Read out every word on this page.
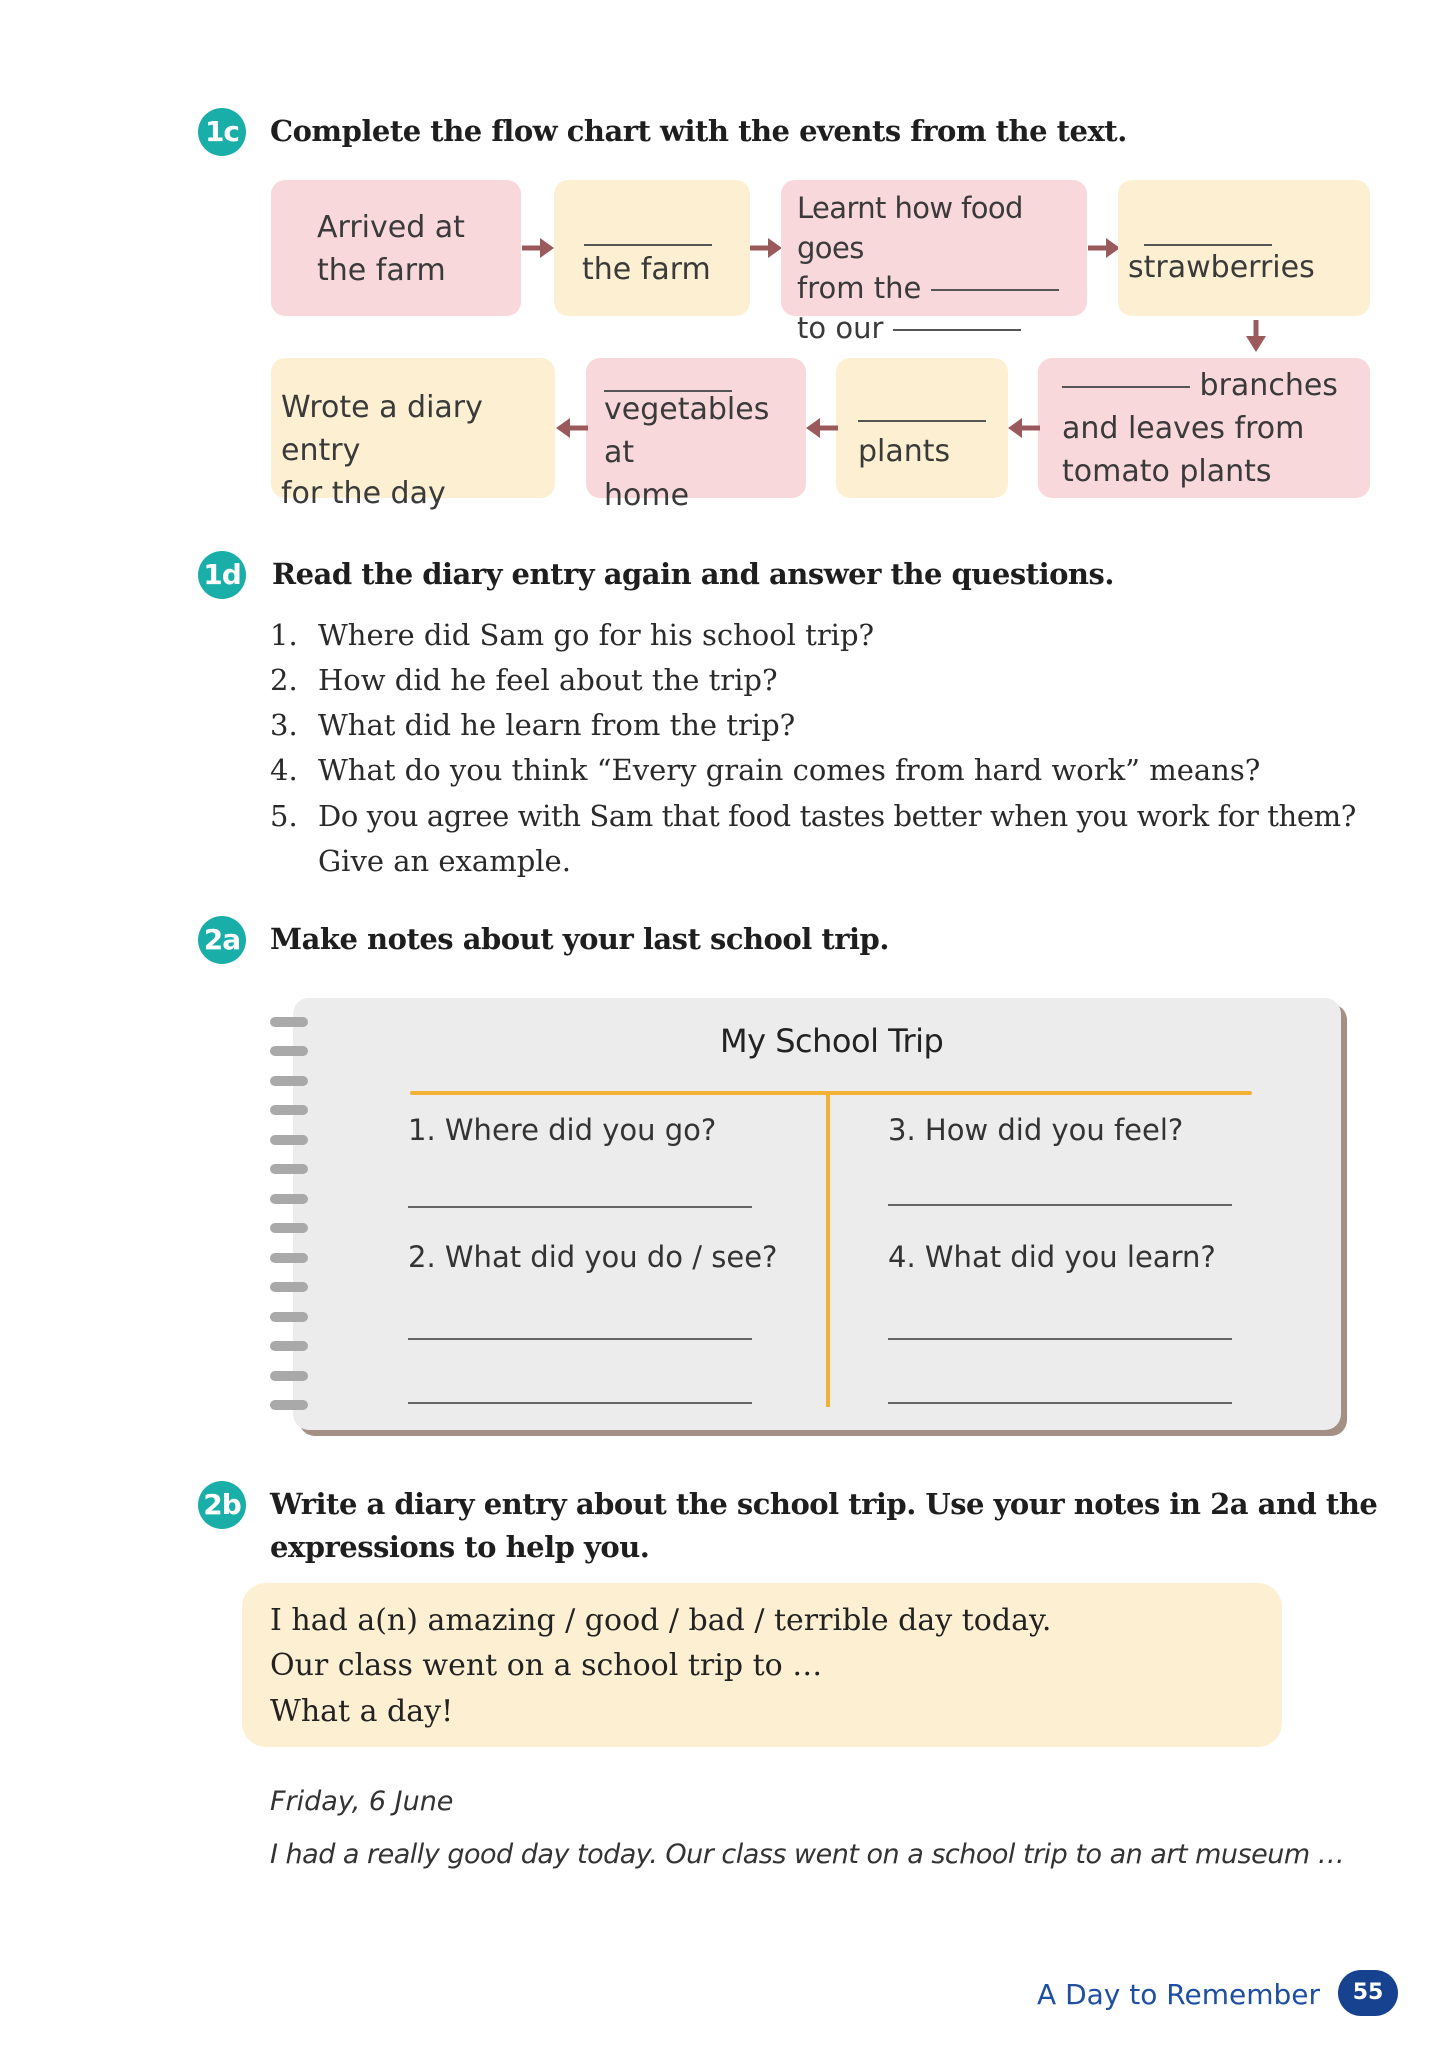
1c Complete the flow chart with the events from the text.
Arrived at
the farm	the farm
Learnt how food goes
from the
to our
strawberries
branches
and leaves from
tomato plants
plants
vegetables at
home
Wrote a diary entry
for the day
1d Read the diary entry again and answer the questions.
1. Where did Sam go for his school trip?
2. How did he feel about the trip?
3. What did he learn from the trip?
4. What do you think “Every grain comes from hard work” means?
5. Do you agree with Sam that food tastes better when you work for them?
Give an example.
2a Make notes about your last school trip.
My School Trip
1. Where did you go?
2. What did you do / see?
3. How did you feel?
4. What did you learn?
2b Write a diary entry about the school trip. Use your notes in 2a and the
expressions to help you.
I had a(n) amazing / good / bad / terrible day today.
Our class went on a school trip to …
What a day!
Friday, 6 June
I had a really good day today. Our class went on a school trip to an art museum …
A Day to Remember	55
